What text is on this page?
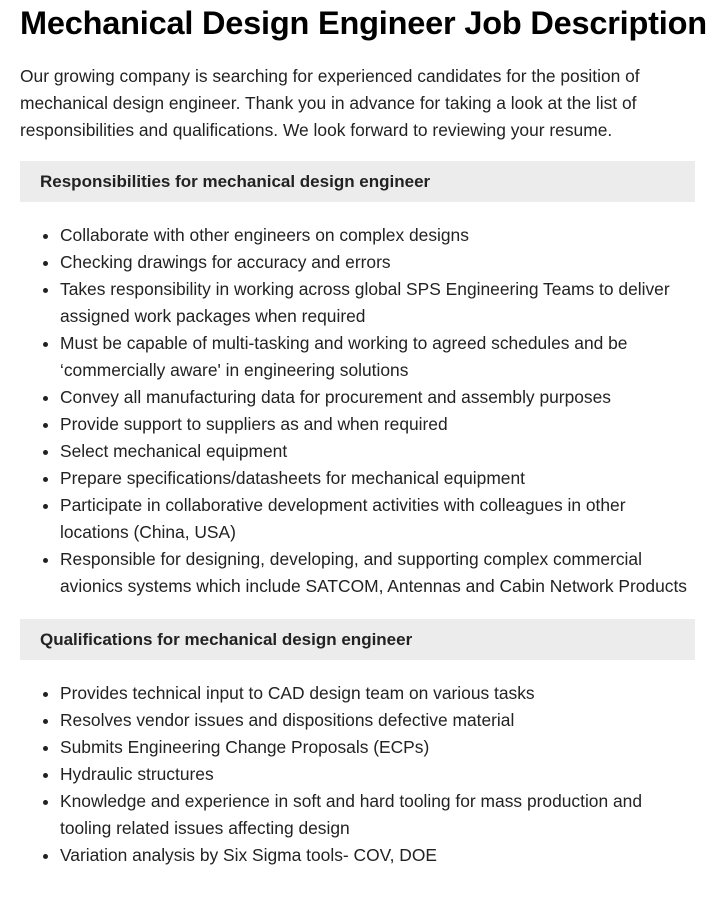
Mechanical Design Engineer Job Description

Our growing company is searching for experienced candidates for the position of mechanical design engineer. Thank you in advance for taking a look at the list of responsibilities and qualifications. We look forward to reviewing your resume.

Responsibilities for mechanical design engineer
• Collaborate with other engineers on complex designs
• Checking drawings for accuracy and errors
• Takes responsibility in working across global SPS Engineering Teams to deliver assigned work packages when required
• Must be capable of multi-tasking and working to agreed schedules and be ‘commercially aware' in engineering solutions
• Convey all manufacturing data for procurement and assembly purposes
• Provide support to suppliers as and when required
• Select mechanical equipment
• Prepare specifications/datasheets for mechanical equipment
• Participate in collaborative development activities with colleagues in other locations (China, USA)
• Responsible for designing, developing, and supporting complex commercial avionics systems which include SATCOM, Antennas and Cabin Network Products
Qualifications for mechanical design engineer
• Provides technical input to CAD design team on various tasks
• Resolves vendor issues and dispositions defective material
• Submits Engineering Change Proposals (ECPs)
• Hydraulic structures
• Knowledge and experience in soft and hard tooling for mass production and tooling related issues affecting design
• Variation analysis by Six Sigma tools- COV, DOE
